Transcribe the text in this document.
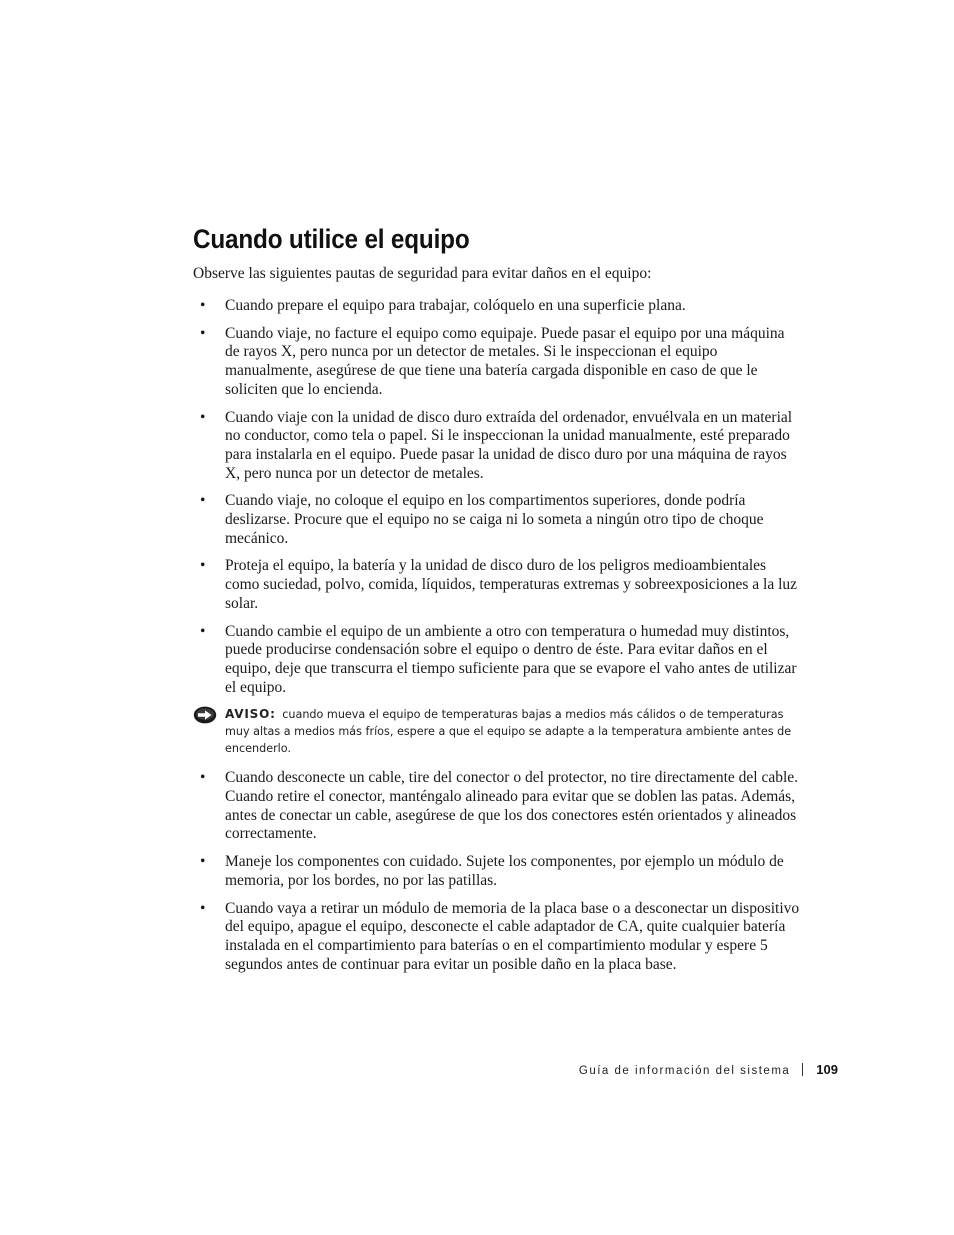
Cuando utilice el equipo

Observe las siguientes pautas de seguridad para evitar daños en el equipo:

• Cuando prepare el equipo para trabajar, colóquelo en una superficie plana.
• Cuando viaje, no facture el equipo como equipaje. Puede pasar el equipo por una máquina de rayos X, pero nunca por un detector de metales. Si le inspeccionan el equipo manualmente, asegúrese de que tiene una batería cargada disponible en caso de que le soliciten que lo encienda.
• Cuando viaje con la unidad de disco duro extraída del ordenador, envuélvala en un material no conductor, como tela o papel. Si le inspeccionan la unidad manualmente, esté preparado para instalarla en el equipo. Puede pasar la unidad de disco duro por una máquina de rayos X, pero nunca por un detector de metales.
• Cuando viaje, no coloque el equipo en los compartimentos superiores, donde podría deslizarse. Procure que el equipo no se caiga ni lo someta a ningún otro tipo de choque mecánico.
• Proteja el equipo, la batería y la unidad de disco duro de los peligros medioambientales como suciedad, polvo, comida, líquidos, temperaturas extremas y sobreexposiciones a la luz solar.
• Cuando cambie el equipo de un ambiente a otro con temperatura o humedad muy distintos, puede producirse condensación sobre el equipo o dentro de éste. Para evitar daños en el equipo, deje que transcurra el tiempo suficiente para que se evapore el vaho antes de utilizar el equipo.
AVISO: cuando mueva el equipo de temperaturas bajas a medios más cálidos o de temperaturas muy altas a medios más fríos, espere a que el equipo se adapte a la temperatura ambiente antes de encenderlo.
• Cuando desconecte un cable, tire del conector o del protector, no tire directamente del cable. Cuando retire el conector, manténgalo alineado para evitar que se doblen las patas. Además, antes de conectar un cable, asegúrese de que los dos conectores estén orientados y alineados correctamente.
• Maneje los componentes con cuidado. Sujete los componentes, por ejemplo un módulo de memoria, por los bordes, no por las patillas.
• Cuando vaya a retirar un módulo de memoria de la placa base o a desconectar un dispositivo del equipo, apague el equipo, desconecte el cable adaptador de CA, quite cualquier batería instalada en el compartimiento para baterías o en el compartimiento modular y espere 5 segundos antes de continuar para evitar un posible daño en la placa base.
Guía de información del sistema 109
